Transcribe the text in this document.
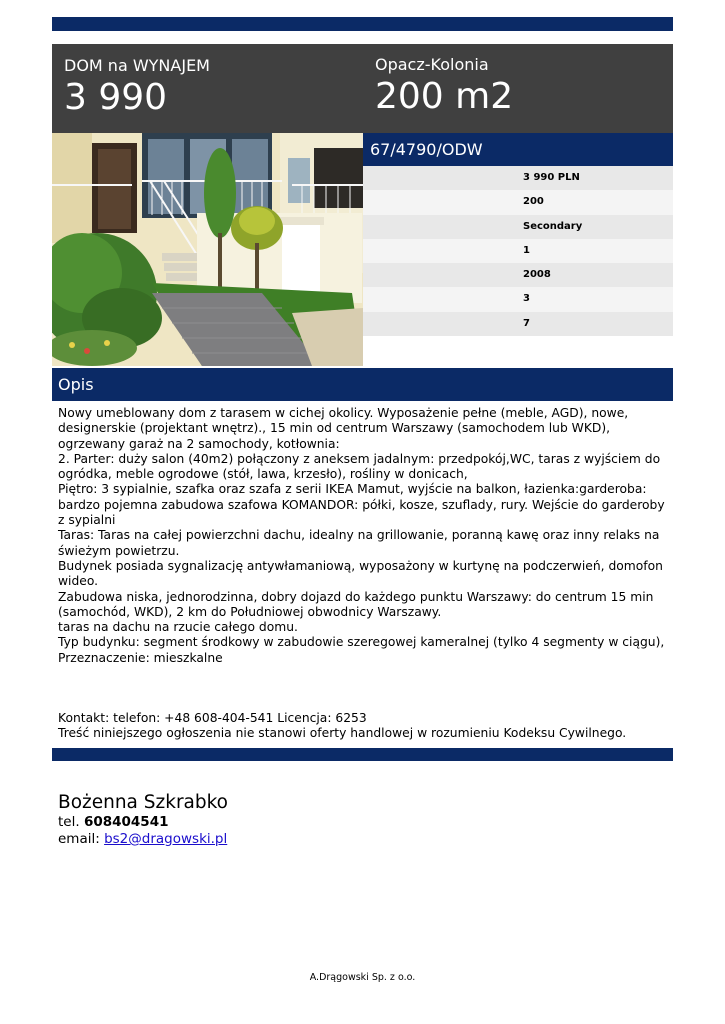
DOM na WYNAJEM
3 990
Opacz-Kolonia
200 m2
67/4790/ODW
3 990 PLN
200
Secondary
1
2008
3
7
Opis

Nowy umeblowany dom z tarasem w cichej okolicy. Wyposażenie pełne (meble, AGD), nowe, designerskie (projektant wnętrz)., 15 min od centrum Warszawy (samochodem lub WKD), ogrzewany garaż na 2 samochody, kotłownia:

2. Parter: duży salon (40m2) połączony z aneksem jadalnym: przedpokój,WC, taras z wyjściem do ogródka, meble ogrodowe (stół, lawa, krzesło), rośliny w donicach,

Piętro: 3 sypialnie, szafka oraz szafa z serii IKEA Mamut, wyjście na balkon, łazienka:garderoba: bardzo pojemna zabudowa szafowa KOMANDOR: półki, kosze, szuflady, rury. Wejście do garderoby z sypialni

Taras: Taras na całej powierzchni dachu, idealny na grillowanie, poranną kawę oraz inny relaks na świeżym powietrzu.

Budynek posiada sygnalizację antywłamaniową, wyposażony w kurtynę na podczerwień, domofon wideo.

Zabudowa niska, jednorodzinna, dobry dojazd do każdego punktu Warszawy: do centrum 15 min (samochód, WKD), 2 km do Południowej obwodnicy Warszawy.

taras na dachu na rzucie całego domu.

Typ budynku: segment środkowy w zabudowie szeregowej kameralnej (tylko 4 segmenty w ciągu), Przeznaczenie: mieszkalne

Kontakt: telefon: +48 608-404-541 Licencja: 6253
Treść niniejszego ogłoszenia nie stanowi oferty handlowej w rozumieniu Kodeksu Cywilnego.
Bożenna Szkrabko
tel. 608404541
email: bs2@dragowski.pl
A.Drągowski Sp. z o.o.
